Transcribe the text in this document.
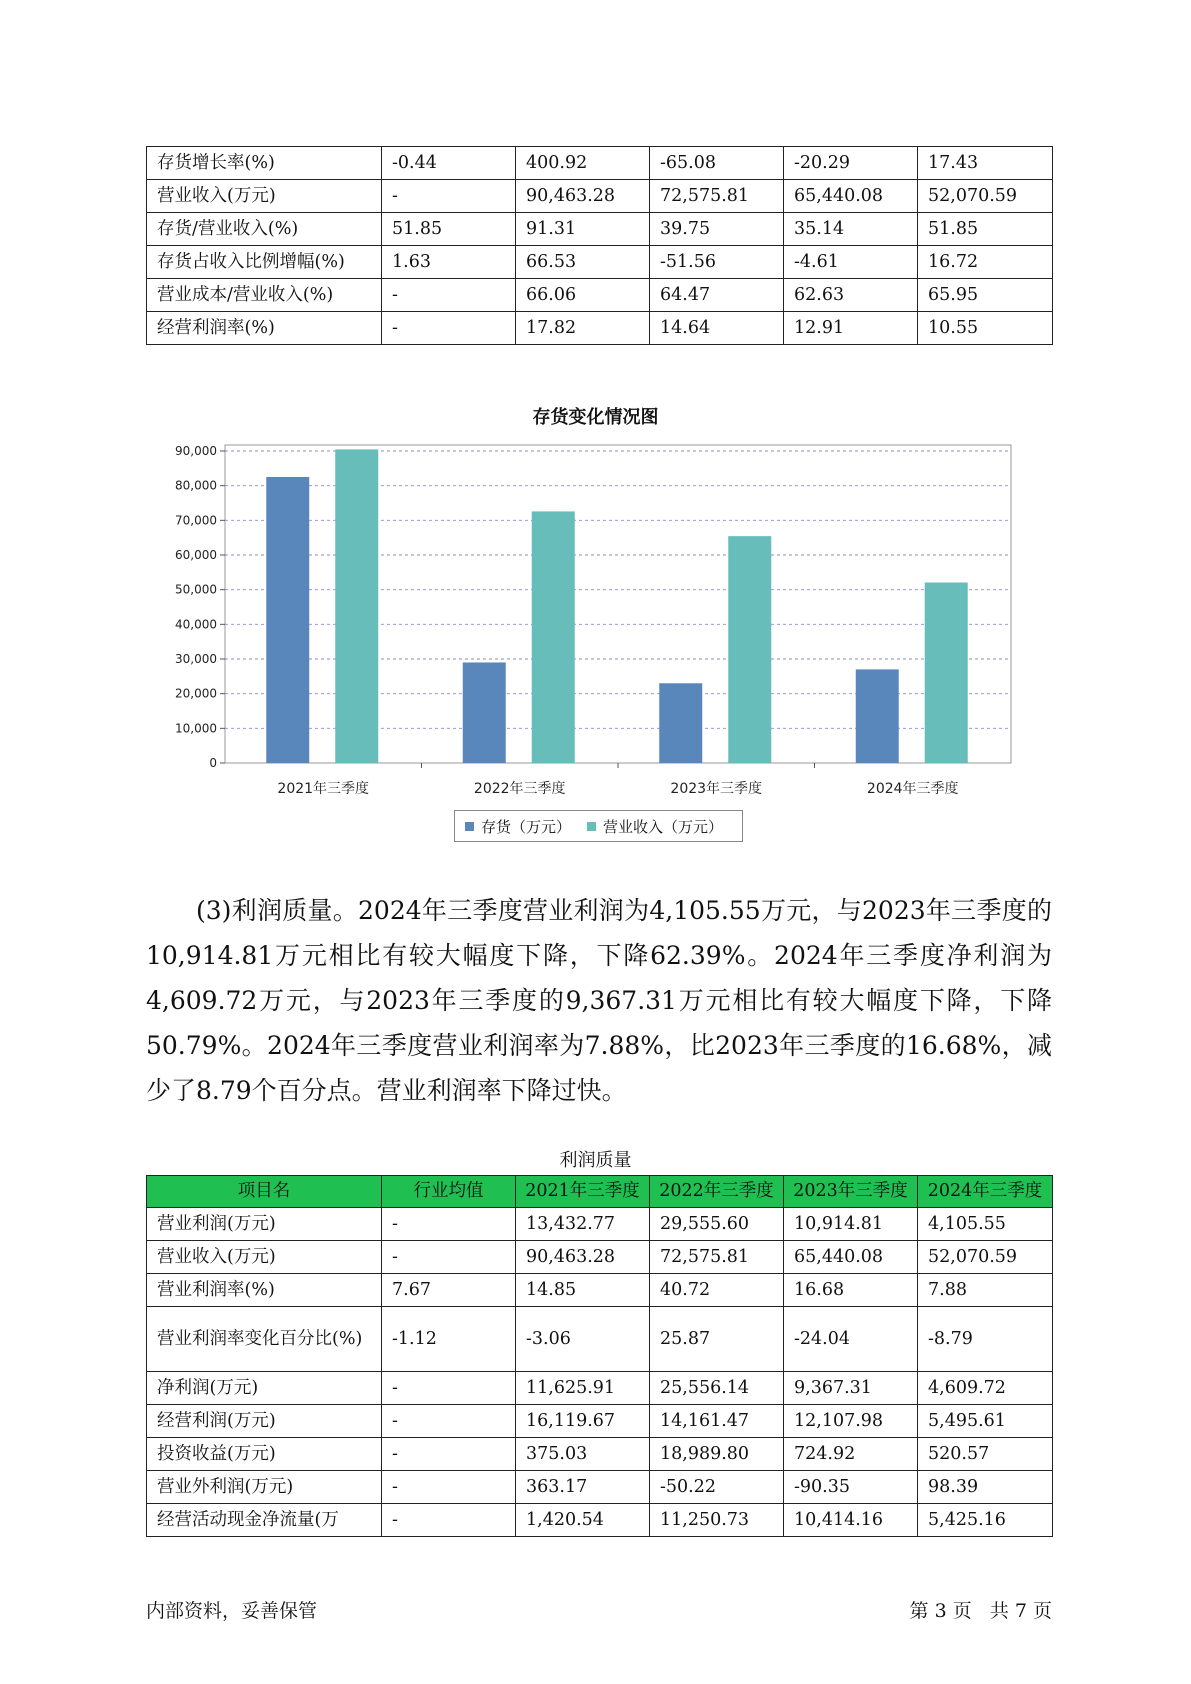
存货增长率(%)	-0.44	400.92	-65.08	-20.29	17.43
营业收入(万元)	-	90,463.28	72,575.81	65,440.08	52,070.59
存货/营业收入(%)	51.85	91.31	39.75	35.14	51.85
存货占收入比例增幅(%)	1.63	66.53	-51.56	-4.61	16.72
营业成本/营业收入(%)	-	66.06	64.47	62.63	65.95
经营利润率(%)	-	17.82	14.64	12.91	10.55
存货变化情况图
0
10,000
20,000
30,000
40,000
50,000
60,000
70,000
80,000
90,000
2021年三季度	2022年三季度	2023年三季度	2024年三季度
存货（万元） 营业收入（万元）

(3)利润质量。2024年三季度营业利润为4,105.55万元，与2023年三季度的10,914.81万元相比有较大幅度下降，下降62.39%。2024年三季度净利润为4,609.72万元，与2023年三季度的9,367.31万元相比有较大幅度下降，下降50.79%。2024年三季度营业利润率为7.88%，比2023年三季度的16.68%，减少了8.79个百分点。营业利润率下降过快。

利润质量
项目名	行业均值	2021年三季度	2022年三季度	2023年三季度	2024年三季度
营业利润(万元)	-	13,432.77	29,555.60	10,914.81	4,105.55
营业收入(万元)	-	90,463.28	72,575.81	65,440.08	52,070.59
营业利润率(%)	7.67	14.85	40.72	16.68	7.88
营业利润率变化百分比(%)	-1.12	-3.06	25.87	-24.04	-8.79
净利润(万元)	-	11,625.91	25,556.14	9,367.31	4,609.72
经营利润(万元)	-	16,119.67	14,161.47	12,107.98	5,495.61
投资收益(万元)	-	375.03	18,989.80	724.92	520.57
营业外利润(万元)	-	363.17	-50.22	-90.35	98.39
经营活动现金净流量(万	-	1,420.54	11,250.73	10,414.16	5,425.16
内部资料，妥善保管	第 3 页   共 7 页
